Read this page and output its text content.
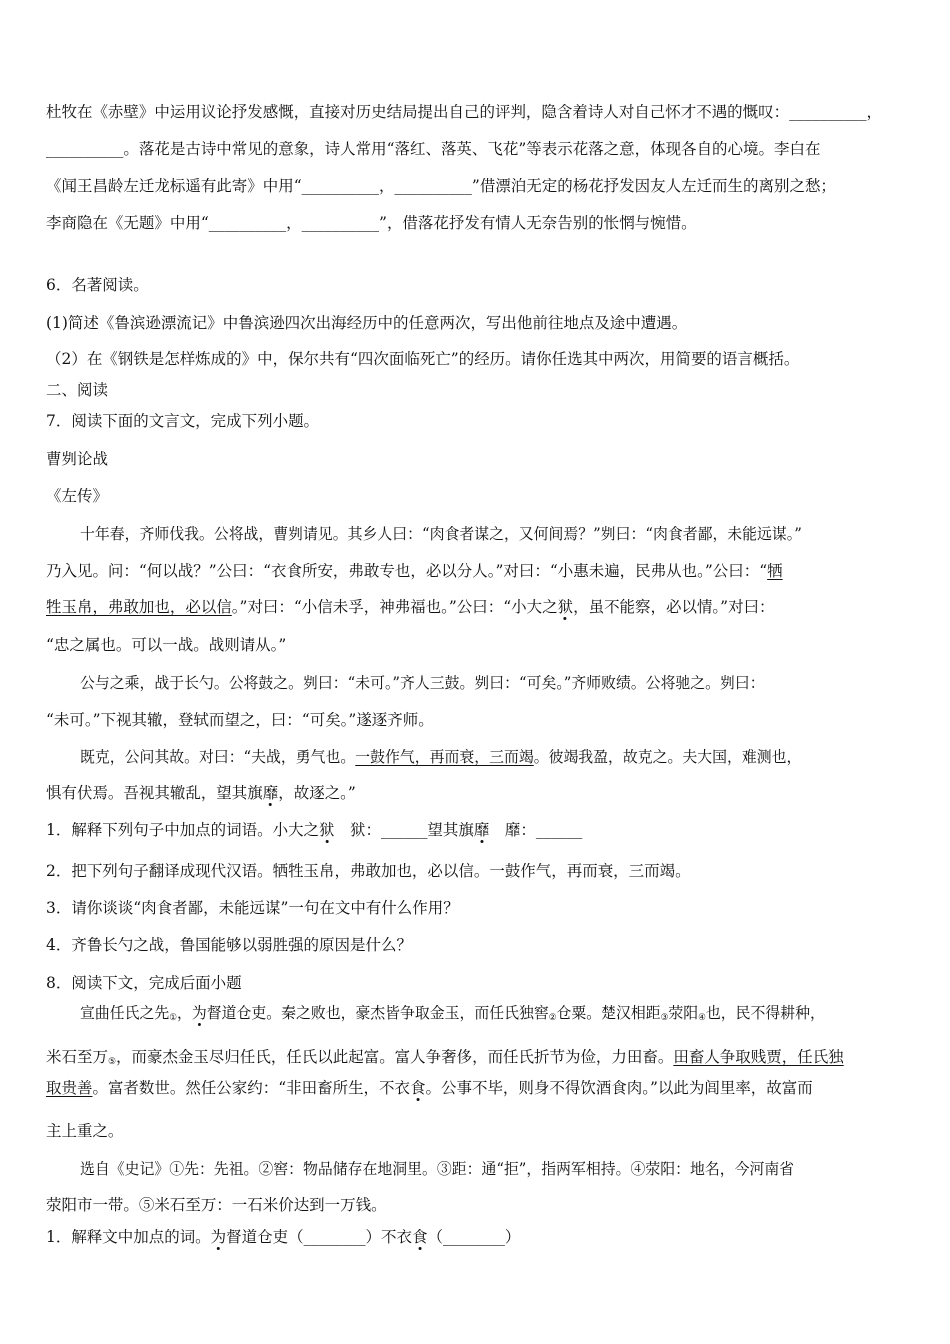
杜牧在《赤壁》中运用议论抒发感慨，直接对历史结局提出自己的评判，隐含着诗人对自己怀才不遇的慨叹：__________，
__________。落花是古诗中常见的意象，诗人常用“落红、落英、飞花”等表示花落之意，体现各自的心境。李白在
《闻王昌龄左迁龙标遥有此寄》中用“__________，__________”借漂泊无定的杨花抒发因友人左迁而生的离别之愁；
李商隐在《无题》中用“__________，__________”，借落花抒发有情人无奈告别的怅惘与惋惜。
6．名著阅读。
(1)简述《鲁滨逊漂流记》中鲁滨逊四次出海经历中的任意两次，写出他前往地点及途中遭遇。
（2）在《钢铁是怎样炼成的》中，保尔共有“四次面临死亡”的经历。请你任选其中两次，用简要的语言概括。
二、阅读
7．阅读下面的文言文，完成下列小题。
曹刿论战
《左传》
十年春，齐师伐我。公将战，曹刿请见。其乡人曰：“肉食者谋之，又何间焉？”刿曰：“肉食者鄙，未能远谋。”
乃入见。问：“何以战？”公曰：“衣食所安，弗敢专也，必以分人。”对曰：“小惠未遍，民弗从也。”公曰：“牺
牲玉帛，弗敢加也，必以信。”对曰：“小信未孚，神弗福也。”公曰：“小大之狱，虽不能察，必以情。”对曰：
“忠之属也。可以一战。战则请从。”
公与之乘，战于长勺。公将鼓之。刿曰：“未可。”齐人三鼓。刿曰：“可矣。”齐师败绩。公将驰之。刿曰：
“未可。”下视其辙，登轼而望之，曰：“可矣。”遂逐齐师。
既克，公问其故。对曰：“夫战，勇气也。一鼓作气，再而衰，三而竭。彼竭我盈，故克之。夫大国，难测也，
惧有伏焉。吾视其辙乱，望其旗靡，故逐之。”
1．解释下列句子中加点的词语。小大之狱　狱：______望其旗靡　靡：______
2．把下列句子翻译成现代汉语。牺牲玉帛，弗敢加也，必以信。一鼓作气，再而衰，三而竭。
3．请你谈谈“肉食者鄙，未能远谋”一句在文中有什么作用？
4．齐鲁长勺之战，鲁国能够以弱胜强的原因是什么？
8．阅读下文，完成后面小题
宣曲任氏之先$_①$，为督道仓吏。秦之败也，豪杰皆争取金玉，而任氏独窖$_②$仓粟。楚汉相距$_③$荥阳$_④$也，民不得耕种，
米石至万$_⑤$，而豪杰金玉尽归任氏，任氏以此起富。富人争奢侈，而任氏折节为俭，力田畜。田畜人争取贱贾，任氏独
取贵善。富者数世。然任公家约：“非田畜所生，不衣食。公事不毕，则身不得饮酒食肉。”以此为闾里率，故富而
主上重之。
选自《史记》①先：先祖。②窖：物品储存在地洞里。③距：通“拒”，指两军相持。④荥阳：地名，今河南省
荥阳市一带。⑤米石至万：一石米价达到一万钱。
1．解释文中加点的词。为督道仓吏（________）不衣食（________）
